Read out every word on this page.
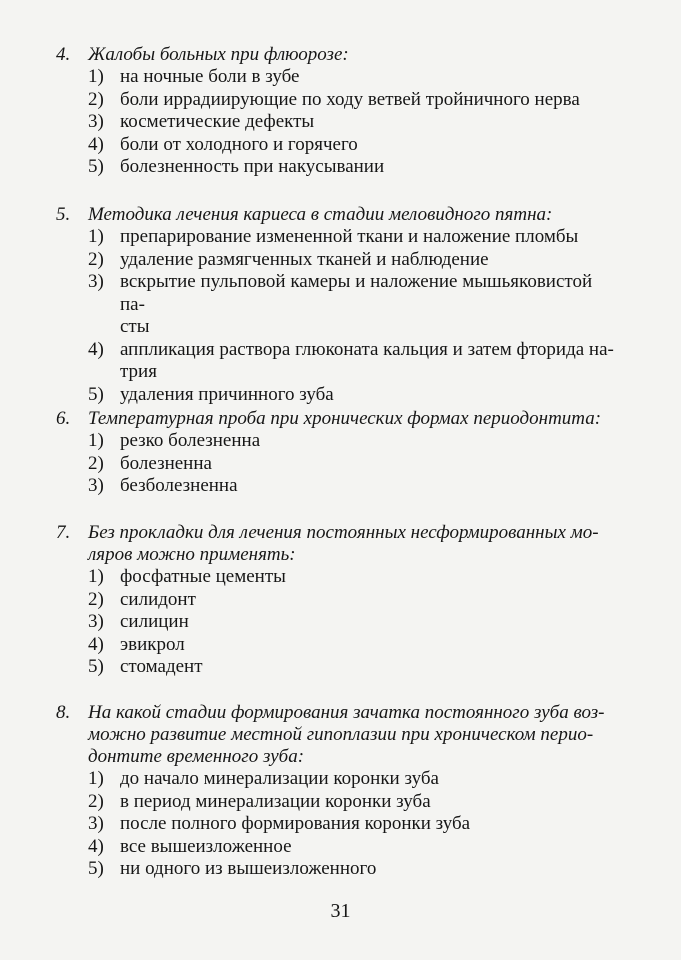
4. Жалобы больных при флюорозе:
1) на ночные боли в зубе
2) боли иррадиирующие по ходу ветвей тройничного нерва
3) косметические дефекты
4) боли от холодного и горячего
5) болезненность при накусывании
5. Методика лечения кариеса в стадии меловидного пятна:
1) препарирование измененной ткани и наложение пломбы
2) удаление размягченных тканей и наблюдение
3) вскрытие пульповой камеры и наложение мышьяковистой па-
сты
4) аппликация раствора глюконата кальция и затем фторида на-
трия
5) удаления причинного зуба
6. Температурная проба при хронических формах периодонтита:
1) резко болезненна
2) болезненна
3) безболезненна
7. Без прокладки для лечения постоянных несформированных мо-
ляров можно применять:
1) фосфатные цементы
2) силидонт
3) силицин
4) эвикрол
5) стомадент
8. На какой стадии формирования зачатка постоянного зуба воз-
можно развитие местной гипоплазии при хроническом перио-
донтите временного зуба:
1) до начало минерализации коронки зуба
2) в период минерализации коронки зуба
3) после полного формирования коронки зуба
4) все вышеизложенное
5) ни одного из вышеизложенного
31
